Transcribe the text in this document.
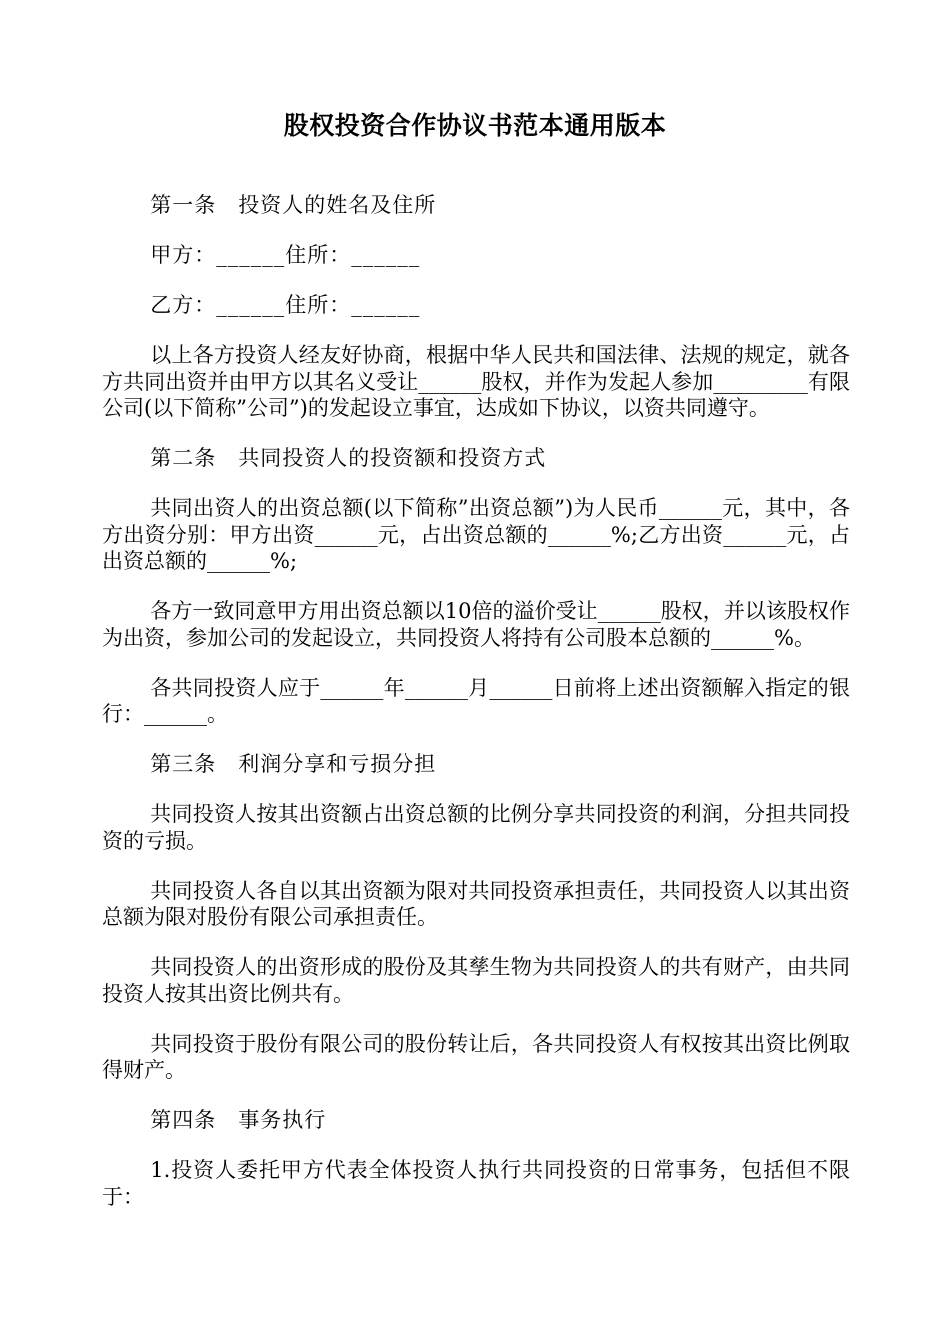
股权投资合作协议书范本通用版本

第一条　投资人的姓名及住所

甲方：______住所：______

乙方：______住所：______

以上各方投资人经友好协商，根据中华人民共和国法律、法规的规定，就各方共同出资并由甲方以其名义受让______股权，并作为发起人参加_________有限公司(以下简称”公司”)的发起设立事宜，达成如下协议，以资共同遵守。

第二条　共同投资人的投资额和投资方式

共同出资人的出资总额(以下简称”出资总额”)为人民币______元，其中，各方出资分别：甲方出资______元，占出资总额的______%;乙方出资______元，占出资总额的______%;

各方一致同意甲方用出资总额以10倍的溢价受让______股权，并以该股权作为出资，参加公司的发起设立，共同投资人将持有公司股本总额的______%。

各共同投资人应于______年______月______日前将上述出资额解入指定的银行：______。

第三条　利润分享和亏损分担

共同投资人按其出资额占出资总额的比例分享共同投资的利润，分担共同投资的亏损。

共同投资人各自以其出资额为限对共同投资承担责任，共同投资人以其出资总额为限对股份有限公司承担责任。

共同投资人的出资形成的股份及其孳生物为共同投资人的共有财产，由共同投资人按其出资比例共有。

共同投资于股份有限公司的股份转让后，各共同投资人有权按其出资比例取得财产。

第四条　事务执行

1.投资人委托甲方代表全体投资人执行共同投资的日常事务，包括但不限于：
